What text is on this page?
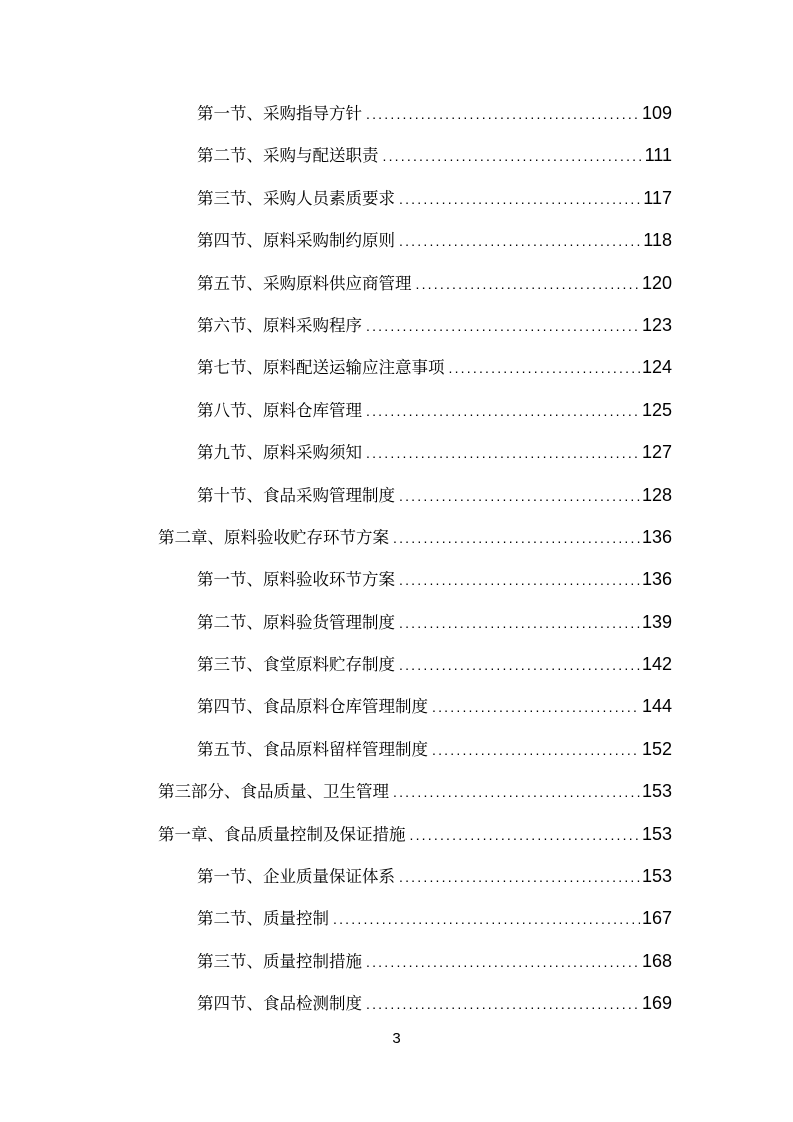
第一节、采购指导方针 .....	109
第二节、采购与配送职责 .....	111
第三节、采购人员素质要求 .....	117
第四节、原料采购制约原则 .....	118
第五节、采购原料供应商管理 .....	120
第六节、原料采购程序 .....	123
第七节、原料配送运输应注意事项 .....	124
第八节、原料仓库管理 .....	125
第九节、原料采购须知 .....	127
第十节、食品采购管理制度 .....	128
第二章、原料验收贮存环节方案 .....	136
第一节、原料验收环节方案 .....	136
第二节、原料验货管理制度 .....	139
第三节、食堂原料贮存制度 .....	142
第四节、食品原料仓库管理制度 .....	144
第五节、食品原料留样管理制度 .....	152
第三部分、食品质量、卫生管理 .....	153
第一章、食品质量控制及保证措施 .....	153
第一节、企业质量保证体系 .....	153
第二节、质量控制 .....	167
第三节、质量控制措施 .....	168
第四节、食品检测制度 .....	169
3
